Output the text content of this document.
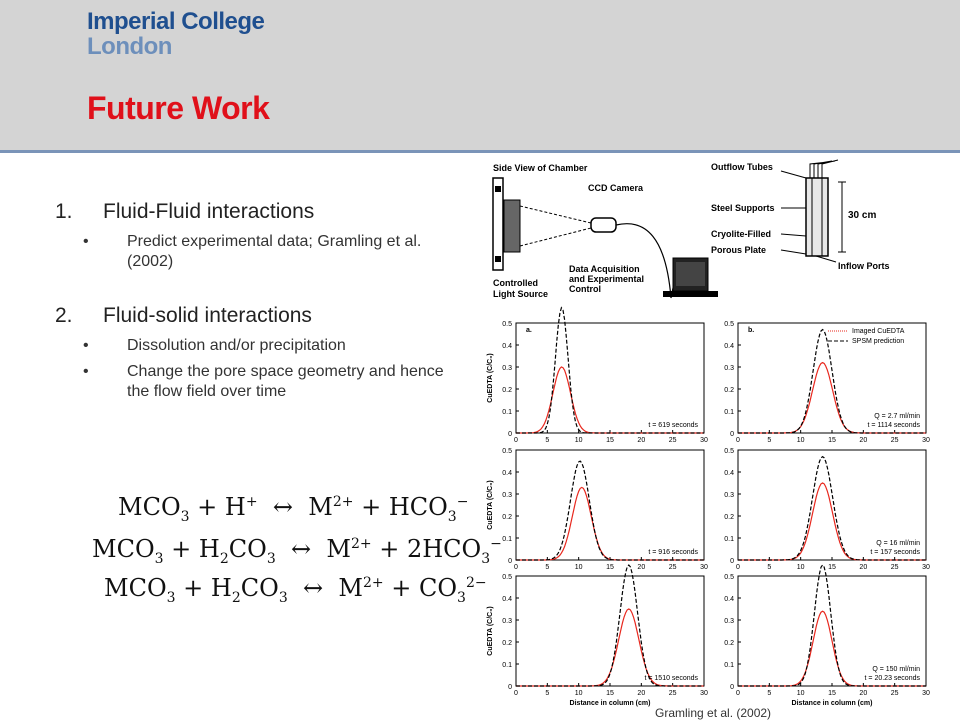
Imperial College
London
Future Work
1.	Fluid-Fluid interactions
• Predict experimental data; Gramling et al. (2002)
2.	Fluid-solid interactions
• Dissolution and/or precipitation
• Change the pore space geometry and hence the flow field over time
$MCO_3 + H^+$ ↔ $M^{2+} + HCO_3^-$
$MCO_3 + H_2CO_3$ ↔ $M^{2+} + 2HCO_3^-$
$MCO_3 + H_2CO_3$ ↔ $M^{2+} + CO_3^{2-}$
Side View of Chamber
CCD Camera
Data Acquisition
and Experimental
Control
Controlled
Light Source
Outflow Tubes
Steel Supports
Cryolite-Filled
Porous Plate
Inflow Ports
30 cm
0
0.1
0.2
0.3
0.4
0.5
0	5	10	15	20	25	30
t = 619 seconds
a.
CuEDTA (C/C₀)
0
0.1
0.2
0.3
0.4
0.5
0	5	10	15	20	25	30
Q = 2.7 ml/min
t = 1114 seconds
b.	Imaged CuEDTA
SPSM prediction
0
0.1
0.2
0.3
0.4
0.5
0	5	10	15	20	25	30
t = 916 seconds
CuEDTA (C/C₀)
0
0.1
0.2
0.3
0.4
0.5
0	5	10	15	20	25	30
Q = 16 ml/min
t = 157 seconds
0
0.1
0.2
0.3
0.4
0.5
0	5	10	15	20	25	30
t = 1510 seconds
CuEDTA (C/C₀)
Distance in column (cm)
0
0.1
0.2
0.3
0.4
0.5
0	5	10	15	20	25	30
Q = 150 ml/min
t = 20.23 seconds
Distance in column (cm)
Gramling et al. (2002)
